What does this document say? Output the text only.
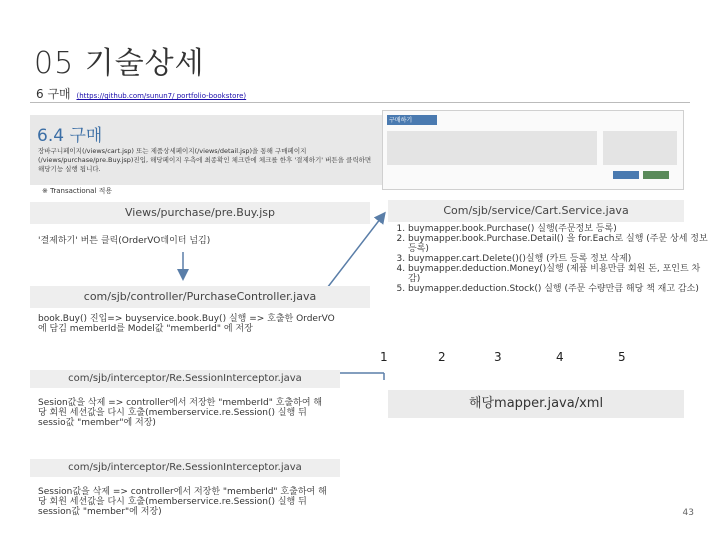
05 기술상세
6 구매 (https://github.com/sunun7/ portfolio-bookstore)
6.4 구매
장바구니페이지(/views/cart.jsp) 또는 제품상세페이지(/views/detail.jsp)을 통해 구매페이지(/views/purchase/pre.Buy.jsp)진입, 해당페이지 우측에 최종확인 체크란에 체크를 한후 '결제하기' 버튼을 클릭하면 해당기능 실행 됩니다.
※ Transactional 적용
구매하기
Views/purchase/pre.Buy.jsp
'결제하기' 버튼 클릭(OrderVO데이터 넘김)
com/sjb/controller/PurchaseController.java
book.Buy() 진입=> buyservice.book.Buy() 실행 => 호출한 OrderVO에 담김 memberId를 Model값 "memberId" 에 저장
Com/sjb/service/Cart.Service.java
1. buymapper.book.Purchase() 실행(주문정보 등록)
2. buymapper.book.Purchase.Detail() 을 for.Each로 실행 (주문 상세 정보 등록)
3. buymapper.cart.Delete()()실행 (카트 등록 정보 삭제)
4. buymapper.deduction.Money()실행 (제품 비용만큼 회원 돈, 포인트 차감)
5. buymapper.deduction.Stock() 실행 (주문 수량만큼 해당 책 재고 감소)
1	2	3	4	5
해당mapper.java/xml
com/sjb/interceptor/Re.SessionInterceptor.java
Sesion값을 삭제 => controller에서 저장한 "memberId" 호출하여 해당 회원 세션값을 다시 호출(memberservice.re.Session() 실행 뒤 sessio값 "member"에 저장)
com/sjb/interceptor/Re.SessionInterceptor.java
Session값을 삭제 => controller에서 저장한 "memberId" 호출하여 해당 회원 세션값을 다시 호출(memberservice.re.Session() 실행 뒤 session값 "member"에 저장)	43
